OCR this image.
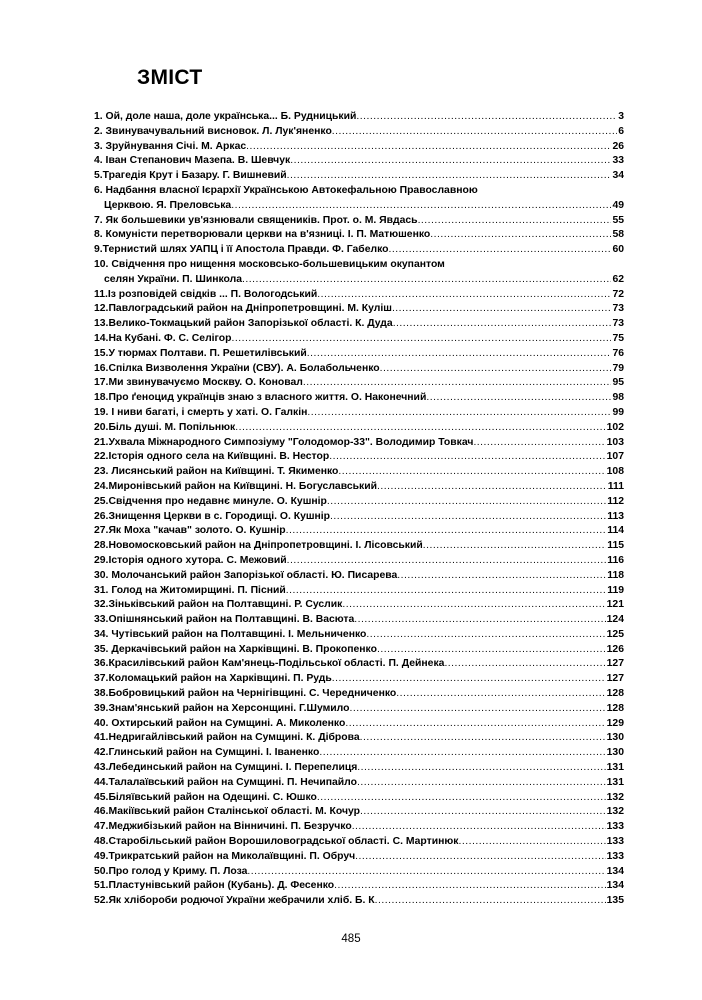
ЗМІСТ
1. Ой, доле наша, доле українська... Б. Рудницький . . .	3
2. Звинувачувальний висновок. Л. Лук'яненко . . .	6
3. Зруйнування Січі. М. Аркас . . .	26
4. Іван Степанович Мазепа. В. Шевчук . . .	33
5.Трагедія Крут і Базару. Г. Вишневий . . .	34
6. Надбання власної Ієрархії Українською Автокефальною Православною
Церквою. Я. Преловська . . .	49
7. Як большевики ув'язнювали священиків. Прот. о. М. Явдась . . .	55
8. Комуністи перетворювали церкви на в'язниці. І. П. Матюшенко . . .	58
9.Тернистий шлях УАПЦ і її Апостола Правди. Ф. Габелко . . .	60
10. Свідчення про нищення московсько-большевицьким окупантом
селян України. П. Шинкола . . .	62
11.Із розповідей свідків ... П. Вологодський . . .	72
12.Павлоградський район на Дніпропетровщині. М. Куліш . . .	73
13.Велико-Токмацький район Запорізької області. К. Дуда . . .	73
14.На Кубані. Ф. С. Селігор . . .	75
15.У тюрмах Полтави. П. Решетилівський . . .	76
16.Спілка Визволення України (СВУ). А. Болабольченко . . .	79
17.Ми звинувачуємо Москву. О. Коновал . . .	95
18.Про ґеноцид українців знаю з власного життя. О. Наконечний . . .	98
19. І ниви багаті, і смерть у хаті. О. Галкін . . .	99
20.Біль душі. М. Попільнюк . . .	102
21.Ухвала Міжнародного Симпозіуму "Голодомор-33". Володимир Товкач . . .	103
22.Історія одного села на Київщині. В. Нестор . . .	107
23. Лисянський район на Київщині. Т. Якименко . . .	108
24.Миронівський район на Київщині. Н. Богуславський . . .	111
25.Свідчення про недавнє минуле. О. Кушнір . . .	112
26.Знищення Церкви в с. Городищі. О. Кушнір . . .	113
27.Як Моха "качав" золото. О. Кушнір . . .	114
28.Новомосковський район на Дніпропетровщині. І. Лісовський . . .	115
29.Історія одного хутора. С. Межовий . . .	116
30. Молочанський район Запорізької області. Ю. Писарева . . .	118
31. Голод на Житомирщині. П. Пісний . . .	119
32.Зіньківський район на Полтавщині. Р. Суслик . . .	121
33.Опішнянський район на Полтавщині. В. Васюта . . .	124
34. Чутівський район на Полтавщині. І. Мельниченко . . .	125
35. Деркачівський район на Харківщині. В. Прокопенко . . .	126
36.Красилівський район Кам'янець-Подільської області. П. Дейнека . . .	127
37.Коломацький район на Харківщині. П. Рудь . . .	127
38.Бобровицький район на Чернігівщині. С. Чередниченко . . .	128
39.Знам'янський район на Херсонщині. Г.Шумило . . .	128
40. Охтирський район на Сумщині. А. Миколенко . . .	129
41.Недригайлівський район на Сумщині. К. Діброва . . .	130
42.Глинський район на Сумщині. І. Іваненко . . .	130
43.Лебединський район на Сумщині. І. Перепелиця . . .	131
44.Талалаївський район на Сумщині. П. Нечипайло . . .	131
45.Біляївський район на Одещині. С. Юшко . . .	132
46.Макіївський район Сталінської області. М. Кочур . . .	132
47.Меджибізький район на Вінничині. П. Безручко . . .	133
48.Старобільський район Ворошиловоградської області. С. Мартинюк . . .	133
49.Трикратський район на Миколаївщині. П. Обруч . . .	133
50.Про голод у Криму. П. Лоза . . .	134
51.Пластунівський район (Кубань). Д. Фесенко . . .	134
52.Як хлібороби родючої України жебрачили хліб. Б. К . . .	135
485
